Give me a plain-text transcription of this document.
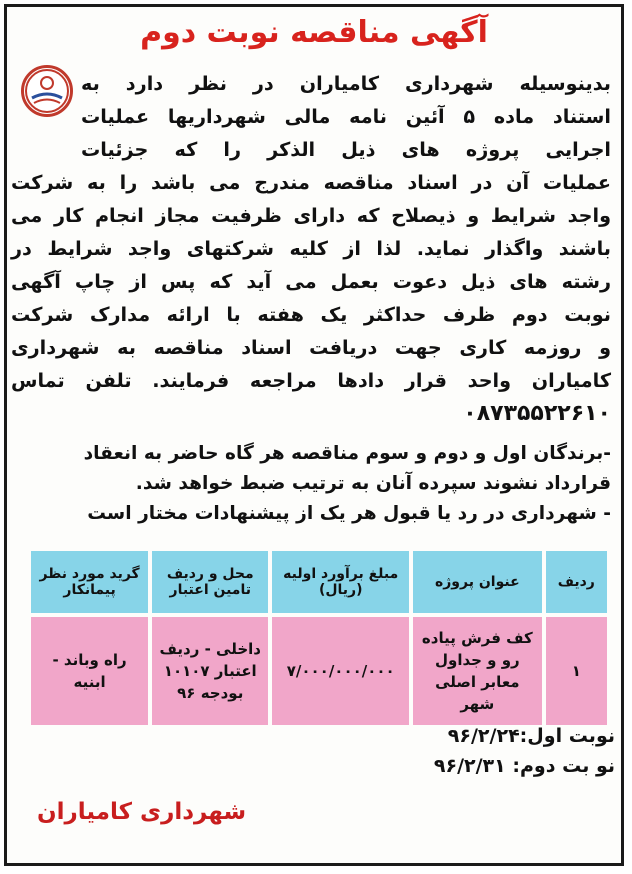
آگهی مناقصه نوبت دوم
بدینوسیله شهرداری کامیاران در نظر دارد به
استناد ماده ۵ آئین نامه مالی شهرداریها عملیات
اجرایی پروژه های ذیل الذکر را که جزئیات
عملیات آن در اسناد مناقصه مندرج می باشد را به شرکت
واجد شرایط و ذیصلاح که دارای ظرفیت مجاز انجام کار می
باشند واگذار نماید. لذا از کلیه شرکتهای واجد شرایط در
رشته های ذیل دعوت بعمل می آید که پس از چاپ آگهی
نوبت دوم ظرف حداکثر یک هفته با ارائه مدارک شرکت
و روزمه کاری جهت دریافت اسناد مناقصه به شهرداری
کامیاران واحد قرار دادها مراجعه فرمایند. تلفن تماس
۰۸۷۳۵۵۲۲۶۱۰
-برندگان اول و دوم و سوم مناقصه هر گاه حاضر به انعقاد
قرارداد نشوند سپرده آنان به ترتیب ضبط خواهد شد.
- شهرداری در رد یا قبول هر یک از پیشنهادات مختار است
ردیف	عنوان پروژه	مبلغ برآورد اولیه (ریال)	محل و ردیف تامین اعتبار	گرید مورد نظر پیمانکار
۱	کف فرش پیاده رو و جداول معابر اصلی شهر	۷/۰۰۰/۰۰۰/۰۰۰	داخلی - ردیف اعتبار ۱۰۱۰۷ بودجه ۹۶	راه وباند - ابنیه
نوبت اول:۹۶/۲/۲۴
نو بت دوم: ۹۶/۲/۳۱
شهرداری کامیاران
